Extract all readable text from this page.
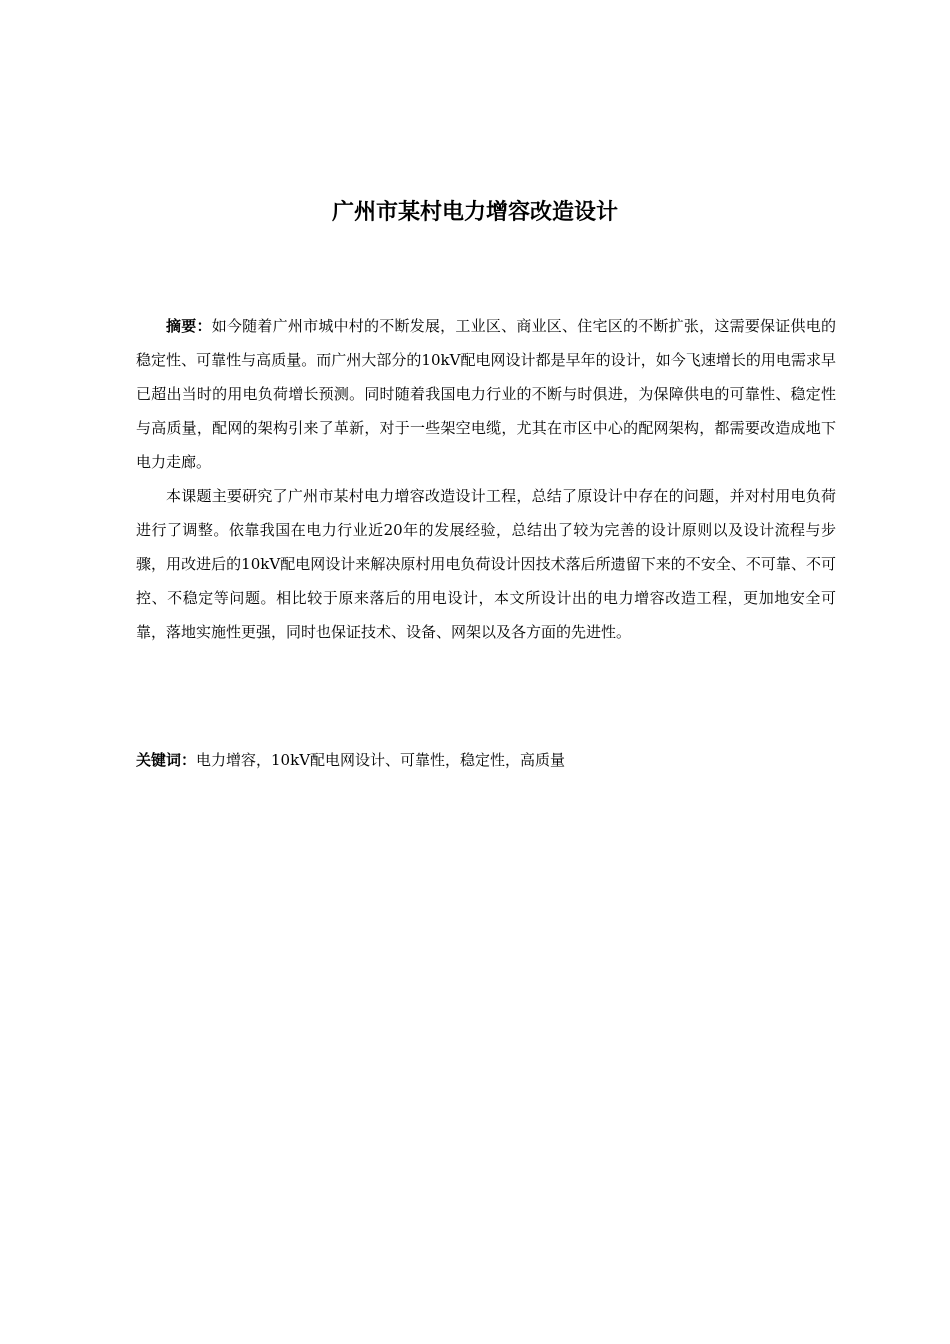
广州市某村电力增容改造设计

摘要：如今随着广州市城中村的不断发展，工业区、商业区、住宅区的不断扩张，这需要保证供电的稳定性、可靠性与高质量。而广州大部分的10kV配电网设计都是早年的设计，如今飞速增长的用电需求早已超出当时的用电负荷增长预测。同时随着我国电力行业的不断与时俱进，为保障供电的可靠性、稳定性与高质量，配网的架构引来了革新，对于一些架空电缆，尤其在市区中心的配网架构，都需要改造成地下电力走廊。

本课题主要研究了广州市某村电力增容改造设计工程，总结了原设计中存在的问题，并对村用电负荷进行了调整。依靠我国在电力行业近20年的发展经验，总结出了较为完善的设计原则以及设计流程与步骤，用改进后的10kV配电网设计来解决原村用电负荷设计因技术落后所遗留下来的不安全、不可靠、不可控、不稳定等问题。相比较于原来落后的用电设计，本文所设计出的电力增容改造工程，更加地安全可靠，落地实施性更强，同时也保证技术、设备、网架以及各方面的先进性。

关键词：电力增容，10kV配电网设计、可靠性，稳定性，高质量
